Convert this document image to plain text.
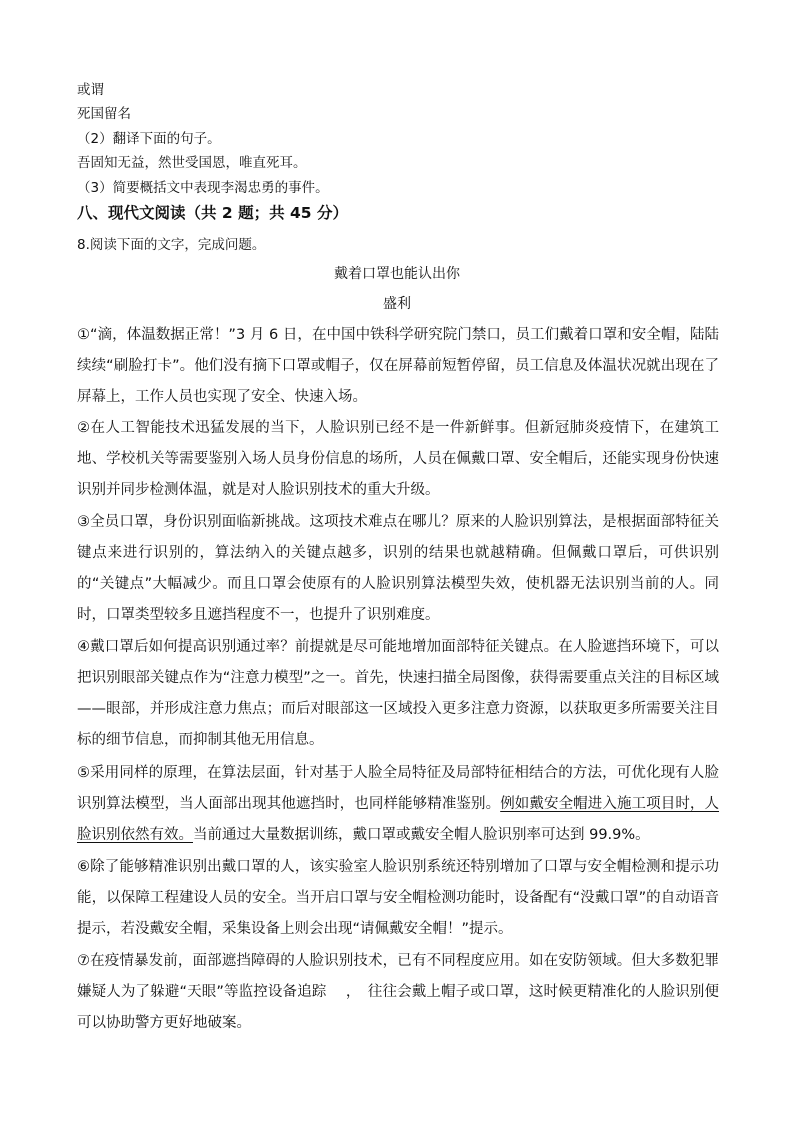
或谓
死国留名
（2）翻译下面的句子。
吾固知无益，然世受国恩，唯直死耳。
（3）简要概括文中表现李渴忠勇的事件。
八、现代文阅读（共 2 题；共 45 分）
8.阅读下面的文字，完成问题。
戴着口罩也能认出你
盛利

①“滴，体温数据正常！”3 月 6 日，在中国中铁科学研究院门禁口，员工们戴着口罩和安全帽，陆陆续续“刷脸打卡”。他们没有摘下口罩或帽子，仅在屏幕前短暂停留，员工信息及体温状况就出现在了屏幕上，工作人员也实现了安全、快速入场。

②在人工智能技术迅猛发展的当下，人脸识别已经不是一件新鲜事。但新冠肺炎疫情下，在建筑工地、学校机关等需要鉴别入场人员身份信息的场所，人员在佩戴口罩、安全帽后，还能实现身份快速识别并同步检测体温，就是对人脸识别技术的重大升级。

③全员口罩，身份识别面临新挑战。这项技术难点在哪儿？原来的人脸识别算法，是根据面部特征关键点来进行识别的，算法纳入的关键点越多，识别的结果也就越精确。但佩戴口罩后，可供识别的“关键点”大幅减少。而且口罩会使原有的人脸识别算法模型失效，使机器无法识别当前的人。同时，口罩类型较多且遮挡程度不一，也提升了识别难度。

④戴口罩后如何提高识别通过率？前提就是尽可能地增加面部特征关键点。在人脸遮挡环境下，可以把识别眼部关键点作为“注意力模型”之一。首先，快速扫描全局图像，获得需要重点关注的目标区域——眼部，并形成注意力焦点；而后对眼部这一区域投入更多注意力资源，以获取更多所需要关注目标的细节信息，而抑制其他无用信息。

⑤采用同样的原理，在算法层面，针对基于人脸全局特征及局部特征相结合的方法，可优化现有人脸识别算法模型，当人面部出现其他遮挡时，也同样能够精准鉴别。例如戴安全帽进入施工项目时，人脸识别依然有效。当前通过大量数据训练，戴口罩或戴安全帽人脸识别率可达到 99.9%。

⑥除了能够精准识别出戴口罩的人，该实验室人脸识别系统还特别增加了口罩与安全帽检测和提示功能，以保障工程建设人员的安全。当开启口罩与安全帽检测功能时，设备配有“没戴口罩”的自动语音提示，若没戴安全帽，采集设备上则会出现“请佩戴安全帽！”提示。

⑦在疫情暴发前，面部遮挡障碍的人脸识别技术，已有不同程度应用。如在安防领域。但大多数犯罪嫌疑人为了躲避“天眼”等监控设备追踪 　，　往往会戴上帽子或口罩，这时候更精准化的人脸识别便可以协助警方更好地破案。
